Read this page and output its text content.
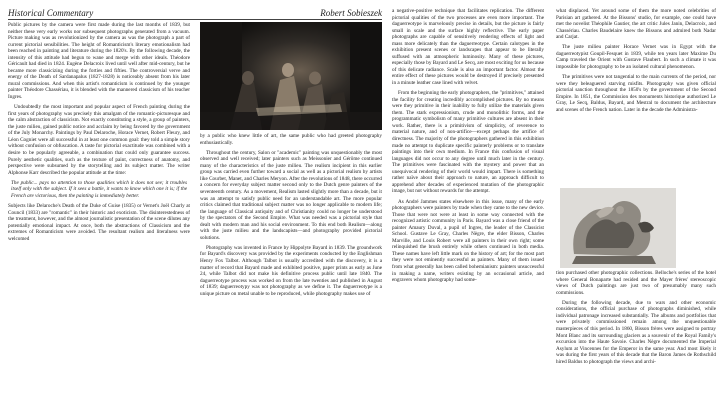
Historical Commentary	Robert Sobieszek

Public pictures by the camera were first made during the last months of 1839, but neither these very early works nor subsequent photographs generated from a vacuum. Picture making was as revolutionized by the camera as was the photograph a part of current pictorial sensibilities. The height of Romanticism's literary emotionalism had been reached in painting and literature during the 1820's. By the following decade, the intensity of this attitude had begun to wane and merge with other ideals. Théodore Géricault had died in 1824. Eugène Delacroix lived until well after mid-century, but he became more classicizing during the forties and fifties. The controversial verve and energy of the Death of Sardanapalus (1827-1828) is noticeably absent from his later mural commissions. And when this artist's romanticism is continued by the younger painter Théodore Chassériau, it is blended with the mannered classicism of his teacher Ingres.

Undoubtedly the most important and popular aspect of French painting during the first years of photography was precisely this amalgam of the romantic-picturesque and the calm abstraction of classicism. Not exactly constituting a style, a group of painters, the juste milieu, gained public notice and acclaim by being favored by the government of the July Monarchy. Paintings by Paul Delaroche, Horace Vernet, Robert Fleury, and Léon Cogniet were all successful in at least one common goal: they told a simple story without confusion or obfuscation. A taste for pictorial exactitude was combined with a desire to be popularly agreeable, a combination that could only guarantee success. Purely aesthetic qualities, such as the texture of paint, correctness of anatomy, and perspective were subsumed by the storytelling and its subject matter. The writer Alphonse Karr described the popular attitude at the time:

The public... pays no attention to those qualities which it does not see; it troubles itself only with the subject. If it sees a battle, it wants to know which one it is; if the French are victorious, then the painting is immediately better.

Subjects like Delaroche's Death of the Duke of Guise (1835) or Vernet's Joël Charly at Council (1833) are "romantic" in their historic and exoticism. The disinterestedness of the treatment, however, and the almost journalistic presentation of the scene dilutes any potentially emotional impact. At once, both the abstractions of Classicism and the extremes of Romanticism were avoided. The resultant realism and literalness were welcomed

by a public who knew little of art, the same public who had greeted photography enthusiastically.

Throughout the century, Salon or "academic" painting was unquestionably the most observed and well received; later painters such as Meissonier and Gérôme continued many of the characteristics of the juste milieu. The realism incipient in this earlier group was carried even further toward a social as well as a pictorial realism by artists like Courbet, Manet, and Charles Meryon. After the revolutions of 1848, there occurred a concern for everyday subject matter second only to the Dutch genre painters of the seventeenth century. As a movement, Realism lasted slightly more than a decade, but it was an attempt to satisfy public need for an understandable art. The more popular critics claimed that traditional subject matter was no longer applicable to modern life; the language of Classical antiquity and of Christianity could no longer be understood by the spectators of the Second Empire. What was needed was a pictorial style that dealt with modern man and his social environment. To this end both Realism—along with the juste milieu and the landscapists—and photography provided pictorial solutions.

Photography was invented in France by Hippolyte Bayard in 1839. The groundwork for Bayard's discovery was provided by the experiments conducted by the Englishman Henry Fox Talbot. Although Talbot is usually accredited with the discovery, it is a matter of record that Bayard made and exhibited positive, paper prints as early as June 24, while Talbot did not make his definitive process public until late 1840. The daguerreotype process was worked on from the late twenties and published in August of 1839; daguerreotypy was not photography as we define it. The daguerreotype is a unique picture on metal unable to be reproduced, while photography makes use of

a negative-positive technique that facilitates replication. The different pictorial qualities of the two processes are even more important. The daguerreotype is marvelously precise in details, but the picture is fairly small in scale and the surface highly reflective. The early paper photographs are capable of sensitively rendering effects of light and mass more delicately than the daguerreotype. Certain calotypes in the exhibition present scenes or landscapes that appear to be literally suffused with an atmospheric luminosity. Many of these pictures, especially those by Bayard and Le Secq, are most exciting for us because of this delicate radiance. Scale is also an important factor. Almost the entire effect of these pictures would be destroyed if precisely presented in a minute leather case lined with velvet.

From the beginning the early photographers, the "primitives," attained the facility for creating incredibly accomplished pictures. By no means were they primitive in their inability to fully utilize the materials given them. The stark expressionism, crude and monolithic forms, and the programmatic symbolism of many primitive cultures are absent in their work. Rather, there is a primitivism of simplicity, of reverence to material nature, and of non-artifice—except perhaps the artifice of directness. The majority of the photographers gathered in this exhibition made no attempt to duplicate specific painterly problems or to translate paintings into their own medium. In France this confusion of visual languages did not occur to any degree until much later in the century. The primitives were fascinated with the mystery and power that an unequivocal rendering of their world would impart. There is something rather naïve about their approach to nature, an approach difficult to apprehend after decades of experienced mutation of the photographic image, but not without rewards for the attempt.

As André Jammes states elsewhere in this issue, many of the early photographers were painters by trade when they came to the new device. Those that were not were at least in some way connected with the recognized artistic community in Paris. Bayard was a close friend of the painter Amaury Duval, a pupil of Ingres, the leader of the Classicist School. Gustave Le Gray, Charles Nègre, the elder Bisson, Charles Marville, and Louis Robert were all painters in their own right; some relinquished the brush entirely while others continued in both media. These names have left little mark on the history of art; for the most part they were not eminently successful as painters. Many of them issued from what generally has been called bohemianism: painters unsuccessful in making a name, writers existing by an occasional article, and engravers whom photography had some-

what displaced. Yet around some of them the more noted celebrities of Parisian art gathered. At the Bissons' studio, for example, one could have met the novelist Théophile Gautier, the art critic Jules Janin, Delacroix, and Chassériau. Charles Baudelaire knew the Bissons and admired both Nadar and Carjat.

The juste milieu painter Horace Vernet was in Egypt with the daguerreotypist Goupil-Fesquet in 1839, while ten years later Maxime Du Camp traveled the Orient with Gustave Flaubert. In such a climate it was impossible for photography to be an isolated cultural phenomenon.

The primitives were not tangential to the main currents of the period, nor were they beleaguered starving misfits. Photography was given official pictorial sanction throughout the 1850's by the government of the Second Empire. In 1851, the Commission des monuments historique authorized Le Gray, Le Secq, Baldus, Bayard, and Mestral to document the architecture and scenes of the French nation. Later in the decade the Administra-

tion purchased other photographic collections. Belloche's series of the hotel where General Bonaparte had resided and the Mayer frères' stereoscopic views of Dutch paintings are just two of presumably many such commissions.

During the following decade, due to wars and other economic considerations, the official purchase of photographs diminished, while individual patronage increased substantially. The albums and portfolios that were privately commissioned remain among the unquestionable masterpieces of this period. In 1860, Bisson frères were assigned to portray Mont Blanc and its surrounding glaciers as a souvenir of the Royal Family's excursion into the Haute Savoie. Charles Nègre documented the Imperial Asylum at Vincennes for the Emperor in the same year. And most likely it was during the first years of this decade that the Baron James de Rothschild hired Baldus to photograph the views and archi-
